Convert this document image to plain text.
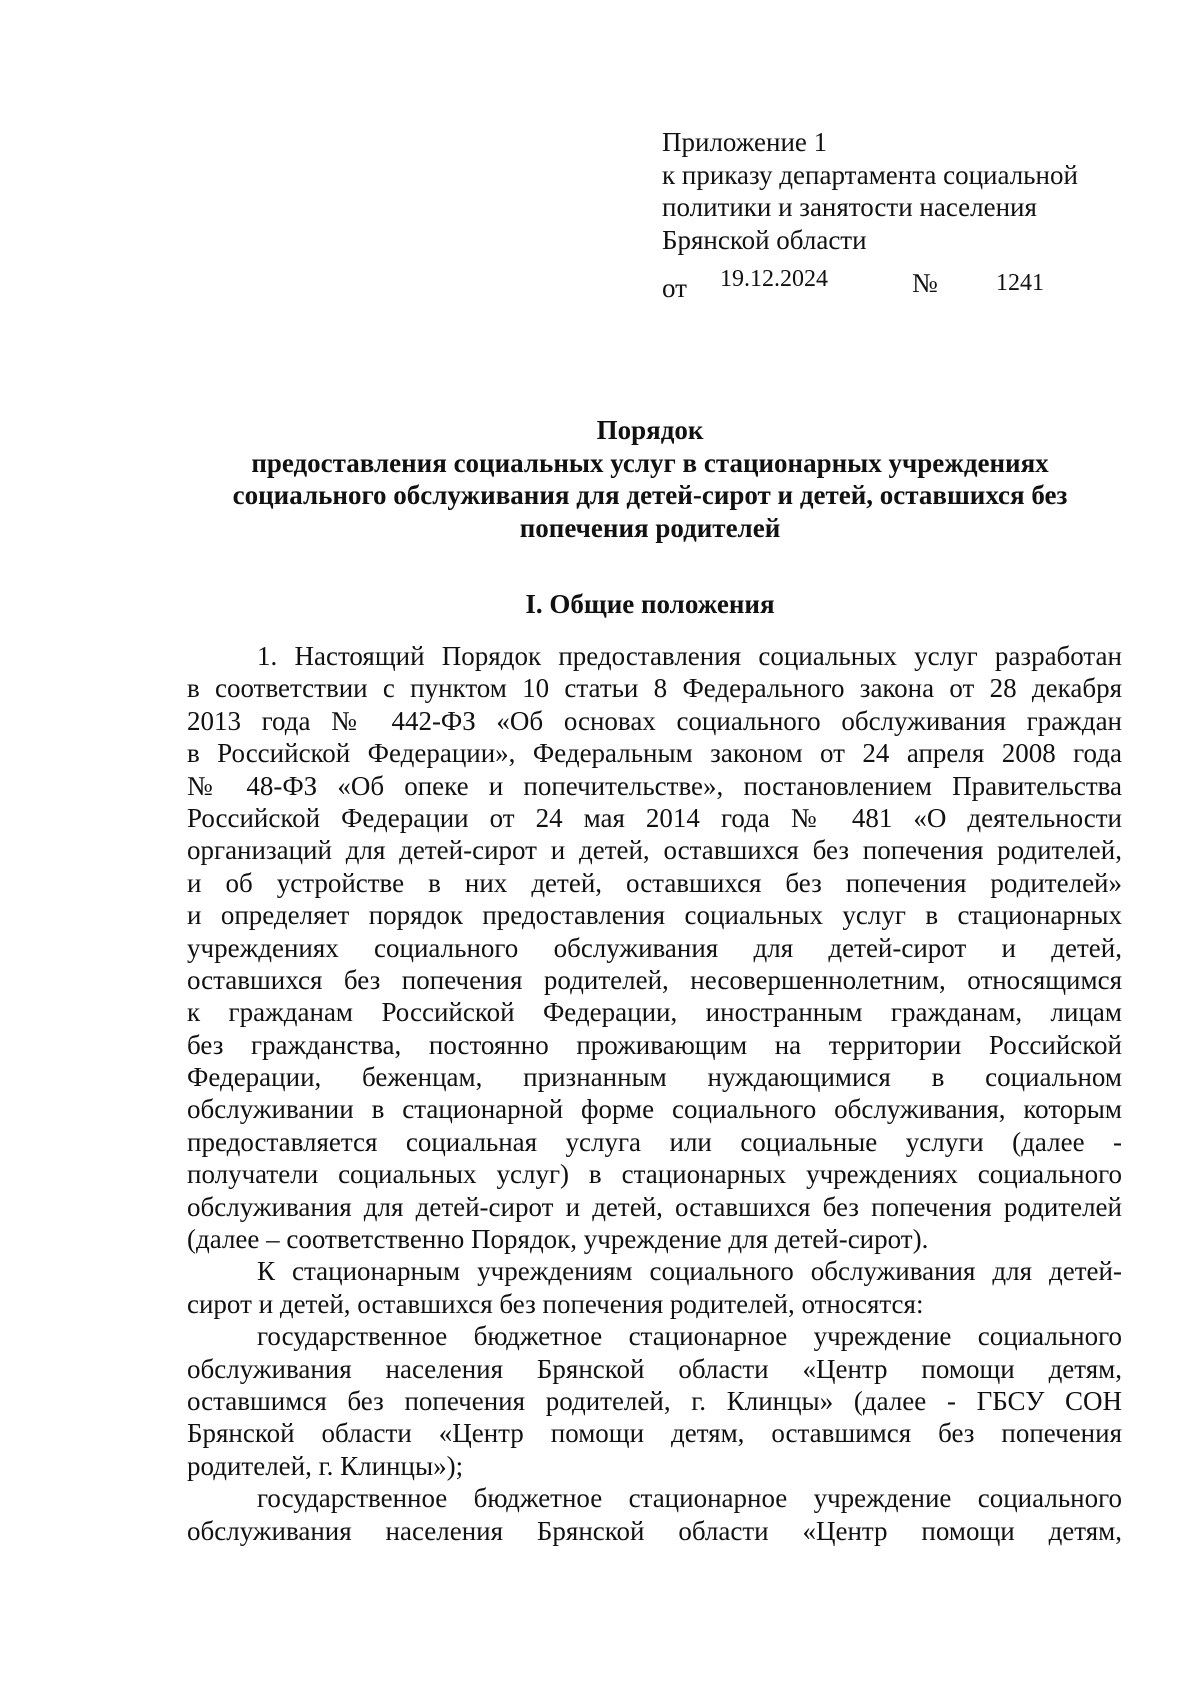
Приложение 1
к приказу департамента социальной
политики и занятости населения
Брянской области
от 19.12.2024	№ 1241
Порядок
предоставления социальных услуг в стационарных учреждениях
социального обслуживания для детей-сирот и детей, оставшихся без
попечения родителей
I. Общие положения
1. Настоящий Порядок предоставления социальных услуг разработан
в соответствии с пунктом 10 статьи 8 Федерального закона от 28 декабря
2013 года № 442-ФЗ «Об основах социального обслуживания граждан
в Российской Федерации», Федеральным законом от 24 апреля 2008 года
№ 48-ФЗ «Об опеке и попечительстве», постановлением Правительства
Российской Федерации от 24 мая 2014 года № 481 «О деятельности
организаций для детей-сирот и детей, оставшихся без попечения родителей,
и об устройстве в них детей, оставшихся без попечения родителей»
и определяет порядок предоставления социальных услуг в стационарных
учреждениях социального обслуживания для детей-сирот и детей,
оставшихся без попечения родителей, несовершеннолетним, относящимся
к гражданам Российской Федерации, иностранным гражданам, лицам
без гражданства, постоянно проживающим на территории Российской
Федерации, беженцам, признанным нуждающимися в социальном
обслуживании в стационарной форме социального обслуживания, которым
предоставляется социальная услуга или социальные услуги (далее -
получатели социальных услуг) в стационарных учреждениях социального
обслуживания для детей-сирот и детей, оставшихся без попечения родителей
(далее – соответственно Порядок, учреждение для детей-сирот).
К стационарным учреждениям социального обслуживания для детей-
сирот и детей, оставшихся без попечения родителей, относятся:
государственное бюджетное стационарное учреждение социального
обслуживания населения Брянской области «Центр помощи детям,
оставшимся без попечения родителей, г. Клинцы» (далее - ГБСУ СОН
Брянской области «Центр помощи детям, оставшимся без попечения
родителей, г. Клинцы»);
государственное бюджетное стационарное учреждение социального
обслуживания населения Брянской области «Центр помощи детям,
